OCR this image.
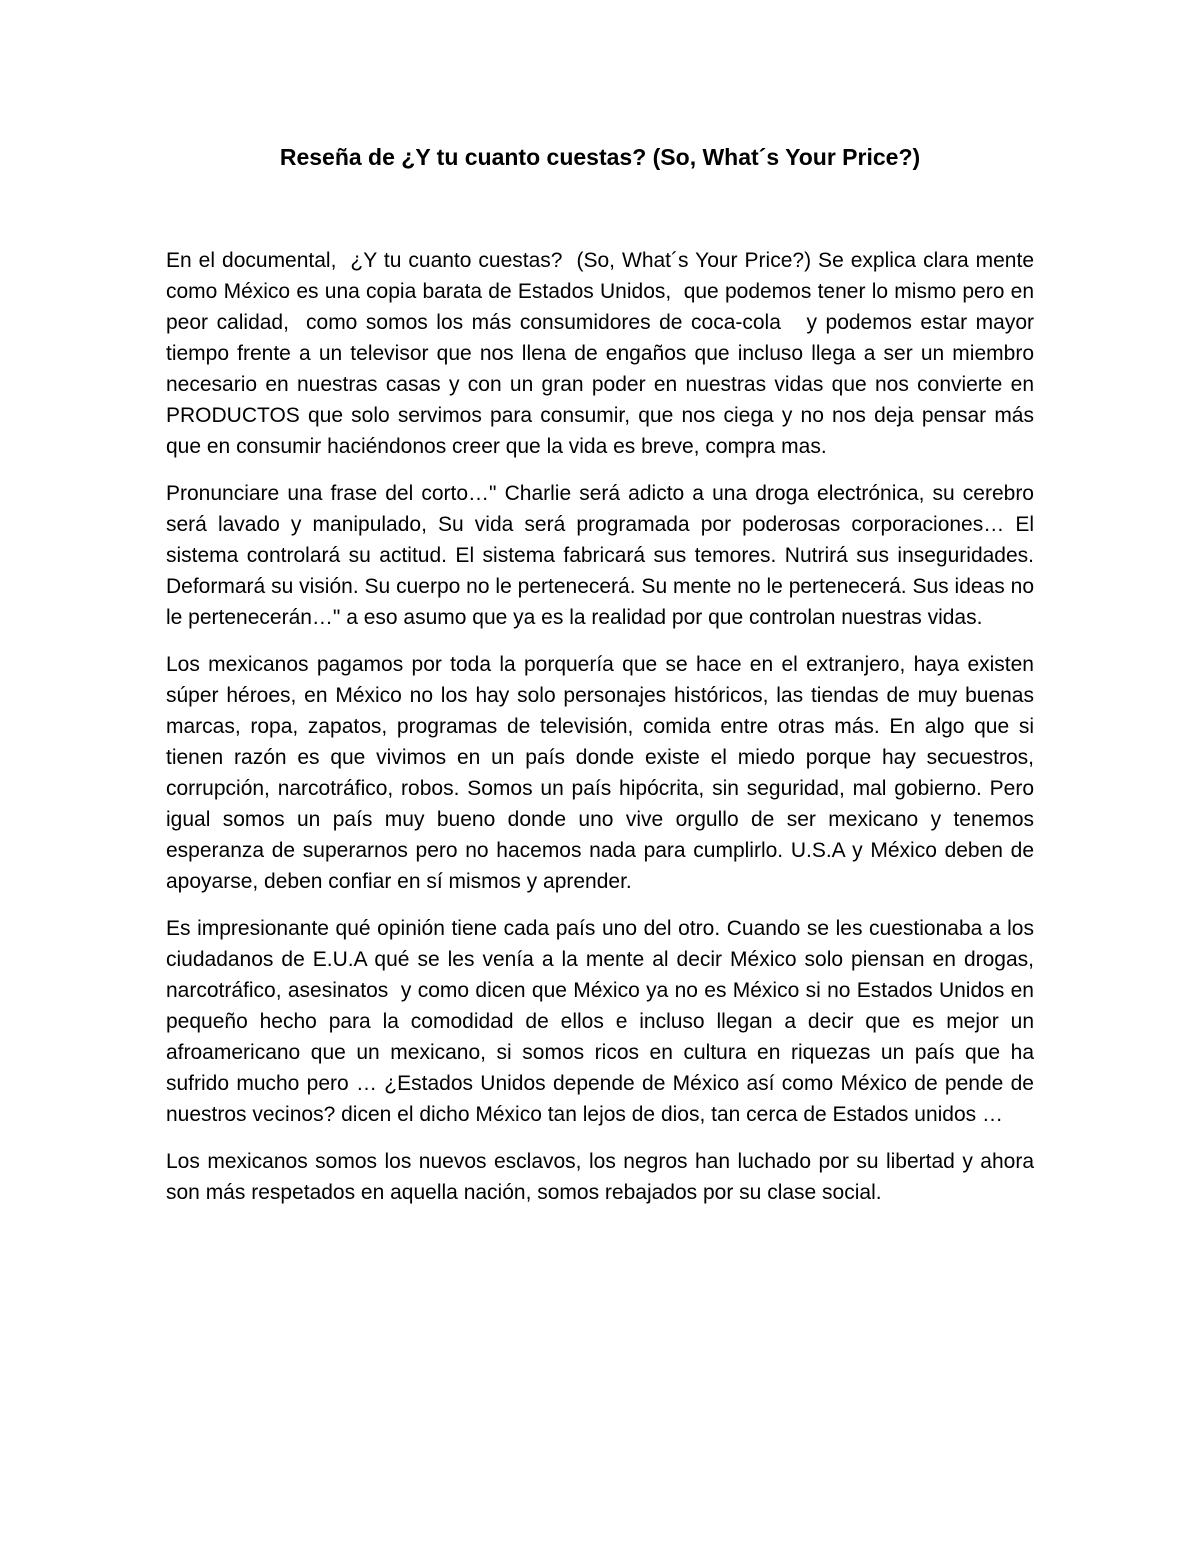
Reseña de ¿Y tu cuanto cuestas? (So, What´s Your Price?)

En el documental,  ¿Y tu cuanto cuestas?  (So, What´s Your Price?) Se explica clara mente como México es una copia barata de Estados Unidos,  que podemos tener lo mismo pero en peor calidad,  como somos los más consumidores de coca-cola   y podemos estar mayor tiempo frente a un televisor que nos llena de engaños que incluso llega a ser un miembro necesario en nuestras casas y con un gran poder en nuestras vidas que nos convierte en PRODUCTOS que solo servimos para consumir, que nos ciega y no nos deja pensar más que en consumir haciéndonos creer que la vida es breve, compra mas.

Pronunciare una frase del corto…" Charlie será adicto a una droga electrónica, su cerebro será lavado y manipulado, Su vida será programada por poderosas corporaciones… El sistema controlará su actitud. El sistema fabricará sus temores. Nutrirá sus inseguridades. Deformará su visión. Su cuerpo no le pertenecerá. Su mente no le pertenecerá. Sus ideas no le pertenecerán…" a eso asumo que ya es la realidad por que controlan nuestras vidas.

Los mexicanos pagamos por toda la porquería que se hace en el extranjero, haya existen súper héroes, en México no los hay solo personajes históricos, las tiendas de muy buenas marcas, ropa, zapatos, programas de televisión, comida entre otras más. En algo que si tienen razón es que vivimos en un país donde existe el miedo porque hay secuestros, corrupción, narcotráfico, robos. Somos un país hipócrita, sin seguridad, mal gobierno. Pero igual somos un país muy bueno donde uno vive orgullo de ser mexicano y tenemos esperanza de superarnos pero no hacemos nada para cumplirlo. U.S.A y México deben de apoyarse, deben confiar en sí mismos y aprender.

Es impresionante qué opinión tiene cada país uno del otro. Cuando se les cuestionaba a los ciudadanos de E.U.A qué se les venía a la mente al decir México solo piensan en drogas, narcotráfico, asesinatos  y como dicen que México ya no es México si no Estados Unidos en pequeño hecho para la comodidad de ellos e incluso llegan a decir que es mejor un afroamericano que un mexicano, si somos ricos en cultura en riquezas un país que ha sufrido mucho pero … ¿Estados Unidos depende de México así como México de pende de nuestros vecinos? dicen el dicho México tan lejos de dios, tan cerca de Estados unidos …

Los mexicanos somos los nuevos esclavos, los negros han luchado por su libertad y ahora son más respetados en aquella nación, somos rebajados por su clase social.
